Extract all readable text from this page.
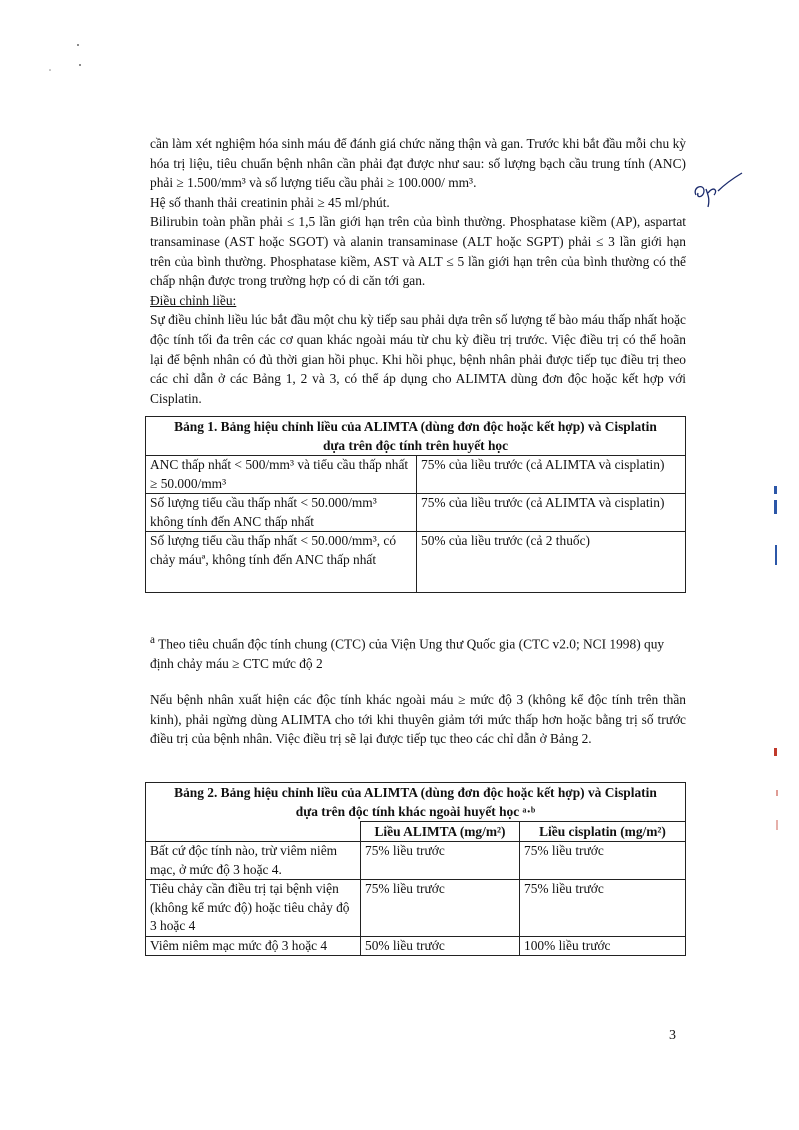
cần làm xét nghiệm hóa sinh máu để đánh giá chức năng thận và gan. Trước khi bắt đầu mỗi chu kỳ hóa trị liệu, tiêu chuẩn bệnh nhân cần phải đạt được như sau: số lượng bạch cầu trung tính (ANC) phải ≥ 1.500/mm³ và số lượng tiểu cầu phải ≥ 100.000/ mm³.

Hệ số thanh thải creatinin phải ≥ 45 ml/phút.

Bilirubin toàn phần phải ≤ 1,5 lần giới hạn trên của bình thường. Phosphatase kiềm (AP), aspartat transaminase (AST hoặc SGOT) và alanin transaminase (ALT hoặc SGPT) phải ≤ 3 lần giới hạn trên của bình thường. Phosphatase kiềm, AST và ALT ≤ 5 lần giới hạn trên của bình thường có thể chấp nhận được trong trường hợp có di căn tới gan.

Điều chỉnh liều:

Sự điều chỉnh liều lúc bắt đầu một chu kỳ tiếp sau phải dựa trên số lượng tế bào máu thấp nhất hoặc độc tính tối đa trên các cơ quan khác ngoài máu từ chu kỳ điều trị trước. Việc điều trị có thể hoãn lại để bệnh nhân có đủ thời gian hồi phục. Khi hồi phục, bệnh nhân phải được tiếp tục điều trị theo các chỉ dẫn ở các Bảng 1, 2 và 3, có thể áp dụng cho ALIMTA dùng đơn độc hoặc kết hợp với Cisplatin.

Bảng 1. Bảng hiệu chỉnh liều của ALIMTA (dùng đơn độc hoặc kết hợp) và Cisplatin
dựa trên độc tính trên huyết học	

ANC thấp nhất < 500/mm³ và tiểu cầu thấp nhất ≥ 50.000/mm³	75% của liều trước (cả ALIMTA và cisplatin)
Số lượng tiểu cầu thấp nhất < 50.000/mm³ không tính đến ANC thấp nhất	75% của liều trước (cả ALIMTA và cisplatin)
Số lượng tiểu cầu thấp nhất < 50.000/mm³, có chảy máuª, không tính đến ANC thấp nhất	50% của liều trước (cả 2 thuốc)
$^a$ Theo tiêu chuẩn độc tính chung (CTC) của Viện Ung thư Quốc gia (CTC v2.0; NCI 1998) quy định chảy máu ≥ CTC mức độ 2

Nếu bệnh nhân xuất hiện các độc tính khác ngoài máu ≥ mức độ 3 (không kể độc tính trên thần kinh), phải ngừng dùng ALIMTA cho tới khi thuyên giảm tới mức thấp hơn hoặc bằng trị số trước điều trị của bệnh nhân. Việc điều trị sẽ lại được tiếp tục theo các chỉ dẫn ở Bảng 2.

Bảng 2. Bảng hiệu chỉnh liều của ALIMTA (dùng đơn độc hoặc kết hợp) và Cisplatin
dựa trên độc tính khác ngoài huyết học ᵃ·ᵇ		

	Liều ALIMTA (mg/m²)	Liều cisplatin (mg/m²)
Bất cứ độc tính nào, trừ viêm niêm mạc, ở mức độ 3 hoặc 4.	75% liều trước	75% liều trước
Tiêu chảy cần điều trị tại bệnh viện (không kể mức độ) hoặc tiêu chảy độ 3 hoặc 4	75% liều trước	75% liều trước
Viêm niêm mạc mức độ 3 hoặc 4	50% liều trước	100% liều trước
3
